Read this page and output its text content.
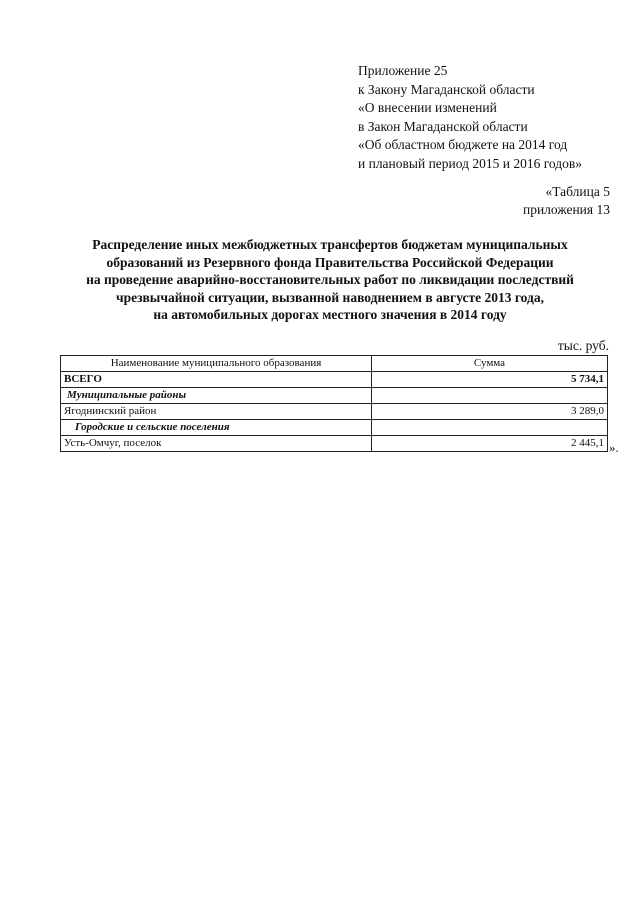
Приложение 25
к Закону Магаданской области
«О внесении изменений
в Закон Магаданской области
«Об областном бюджете на 2014 год
и плановый период 2015 и 2016 годов»
«Таблица 5
приложения 13
Распределение иных межбюджетных трансфертов бюджетам муниципальных
образований из Резервного фонда Правительства Российской Федерации
на проведение аварийно-восстановительных работ по ликвидации последствий
чрезвычайной ситуации, вызванной наводнением в августе 2013 года,
на автомобильных дорогах местного значения в 2014 году
тыс. руб.
Наименование муниципального образования	Сумма
ВСЕГО	5 734,1
Муниципальные районы	
Ягоднинский район	3 289,0
Городские и сельские поселения	
Усть-Омчуг, поселок	2 445,1 ».
